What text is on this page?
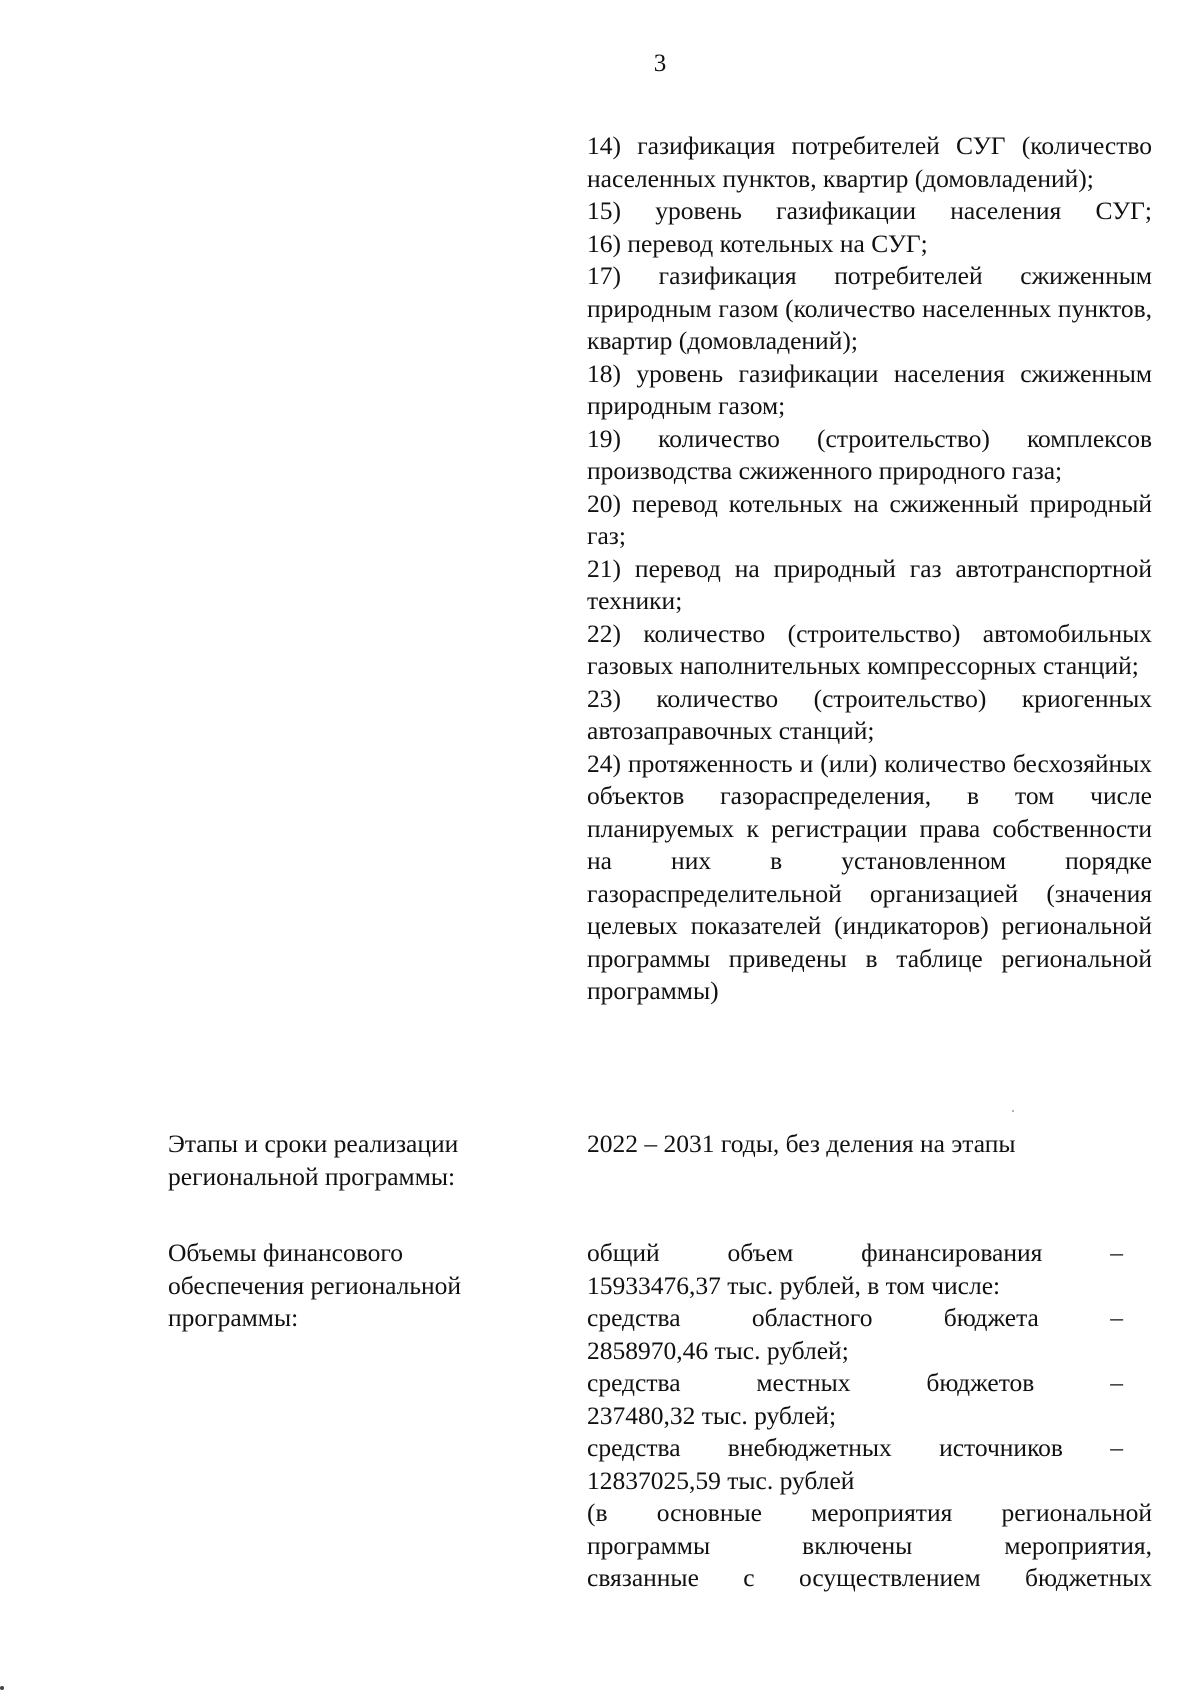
3
14) газификация потребителей СУГ (количество населенных пунктов, квартир (домовладений);
15) уровень газификации населения СУГ;
16) перевод котельных на СУГ;
17) газификация потребителей сжиженным природным газом (количество населенных пунктов, квартир (домовладений);
18) уровень газификации населения сжиженным природным газом;
19) количество (строительство) комплексов производства сжиженного природного газа;
20) перевод котельных на сжиженный природный газ;
21) перевод на природный газ автотранспортной техники;
22) количество (строительство) автомобильных газовых наполнительных компрессорных станций;
23) количество (строительство) криогенных автозаправочных станций;
24) протяженность и (или) количество бесхозяйных объектов газораспределения, в том числе планируемых к регистрации права собственности на них в установленном порядке газораспределительной организацией (значения целевых показателей (индикаторов) региональной программы приведены в таблице региональной программы)
Этапы и сроки реализации
региональной программы:
2022 – 2031 годы, без деления на этапы
Объемы финансового
обеспечения региональной
программы:
общий объем финансирования –
15933476,37 тыс. рублей, в том числе:
средства областного бюджета –
2858970,46 тыс. рублей;
средства местных бюджетов –
237480,32 тыс. рублей;
средства внебюджетных источников –
12837025,59 тыс. рублей
(в основные мероприятия региональной
программы включены мероприятия,
связанные с осуществлением бюджетных
